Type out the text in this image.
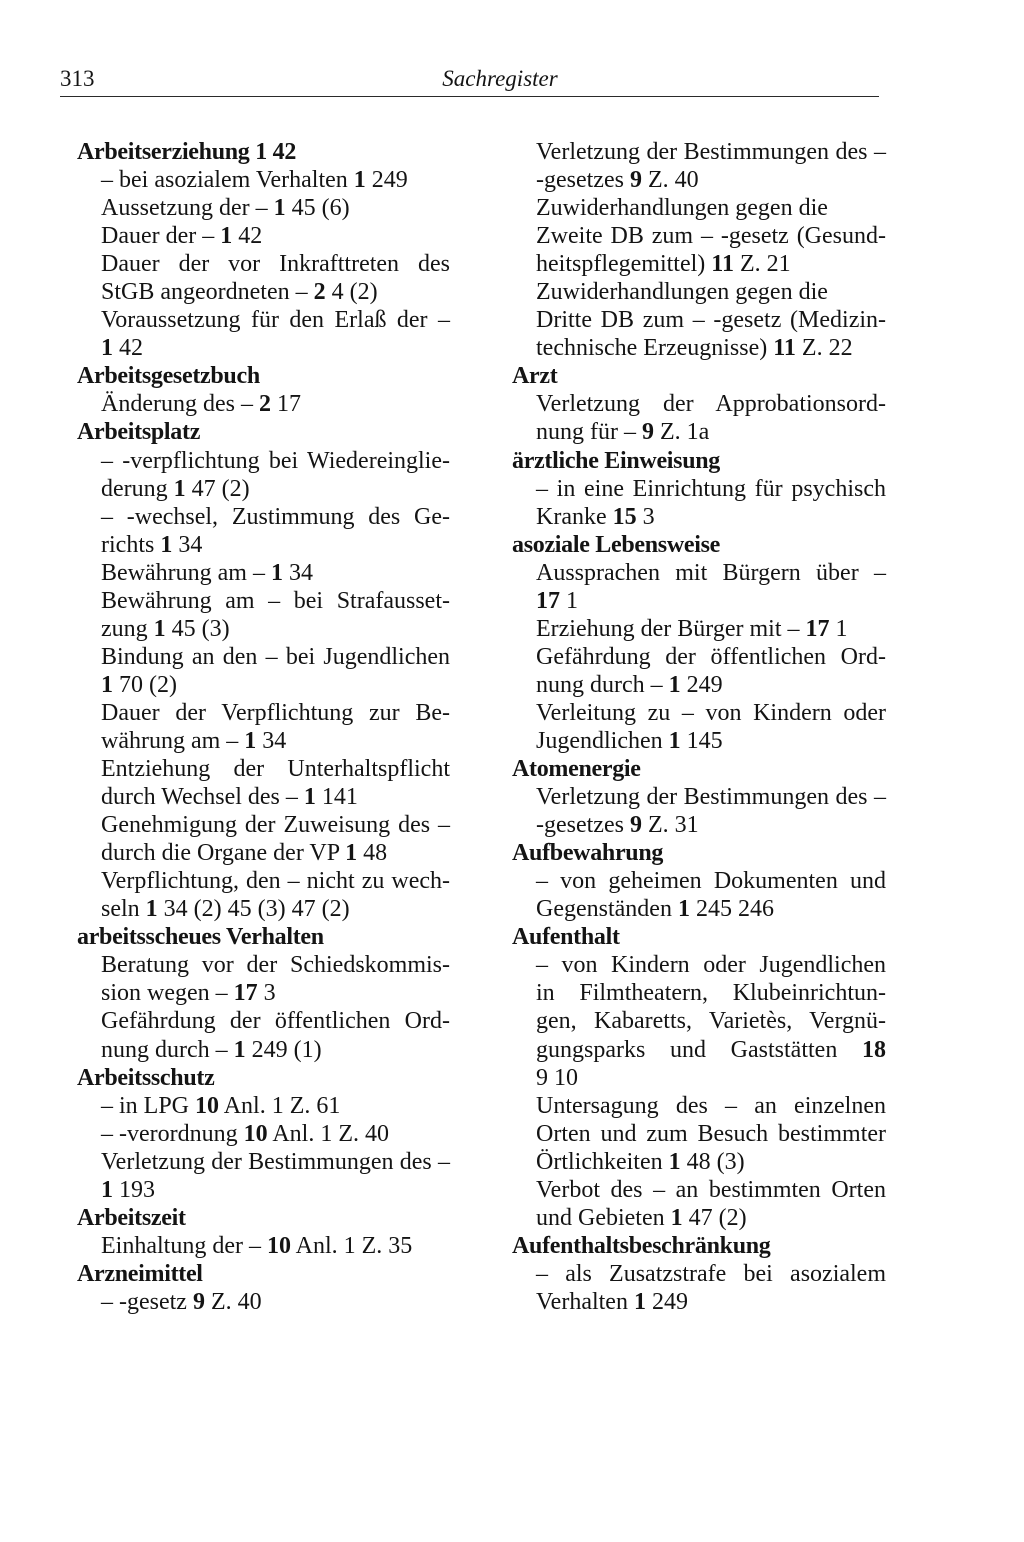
313	Sachregister
Arbeitserziehung 1 42
– bei asozialem Verhalten 1 249
Aussetzung der – 1 45 (6)
Dauer der – 1 42
Dauer der vor Inkrafttreten des
StGB angeordneten – 2 4 (2)
Voraussetzung für den Erlaß der –
1 42
Arbeitsgesetzbuch
Änderung des – 2 17
Arbeitsplatz
– -verpflichtung bei Wiedereinglie-
derung 1 47 (2)
– -wechsel, Zustimmung des Ge-
richts 1 34
Bewährung am – 1 34
Bewährung am – bei Strafausset-
zung 1 45 (3)
Bindung an den – bei Jugendlichen
1 70 (2)
Dauer der Verpflichtung zur Be-
währung am – 1 34
Entziehung der Unterhaltspflicht
durch Wechsel des – 1 141
Genehmigung der Zuweisung des –
durch die Organe der VP 1 48
Verpflichtung, den – nicht zu wech-
seln 1 34 (2) 45 (3) 47 (2)
arbeitsscheues Verhalten
Beratung vor der Schiedskommis-
sion wegen – 17 3
Gefährdung der öffentlichen Ord-
nung durch – 1 249 (1)
Arbeitsschutz
– in LPG 10 Anl. 1 Z. 61
– -verordnung 10 Anl. 1 Z. 40
Verletzung der Bestimmungen des –
1 193
Arbeitszeit
Einhaltung der – 10 Anl. 1 Z. 35
Arzneimittel
– -gesetz 9 Z. 40
Verletzung der Bestimmungen des –
-gesetzes 9 Z. 40
Zuwiderhandlungen gegen die
Zweite DB zum – -gesetz (Gesund-
heitspflegemittel) 11 Z. 21
Zuwiderhandlungen gegen die
Dritte DB zum – -gesetz (Medizin-
technische Erzeugnisse) 11 Z. 22
Arzt
Verletzung der Approbationsord-
nung für – 9 Z. 1a
ärztliche Einweisung
– in eine Einrichtung für psychisch
Kranke 15 3
asoziale Lebensweise
Aussprachen mit Bürgern über –
17 1
Erziehung der Bürger mit – 17 1
Gefährdung der öffentlichen Ord-
nung durch – 1 249
Verleitung zu – von Kindern oder
Jugendlichen 1 145
Atomenergie
Verletzung der Bestimmungen des –
-gesetzes 9 Z. 31
Aufbewahrung
– von geheimen Dokumenten und
Gegenständen 1 245 246
Aufenthalt
– von Kindern oder Jugendlichen
in Filmtheatern, Klubeinrichtun-
gen, Kabaretts, Varietès, Vergnü-
gungsparks und Gaststätten 18
9 10
Untersagung des – an einzelnen
Orten und zum Besuch bestimmter
Örtlichkeiten 1 48 (3)
Verbot des – an bestimmten Orten
und Gebieten 1 47 (2)
Aufenthaltsbeschränkung
– als Zusatzstrafe bei asozialem
Verhalten 1 249
